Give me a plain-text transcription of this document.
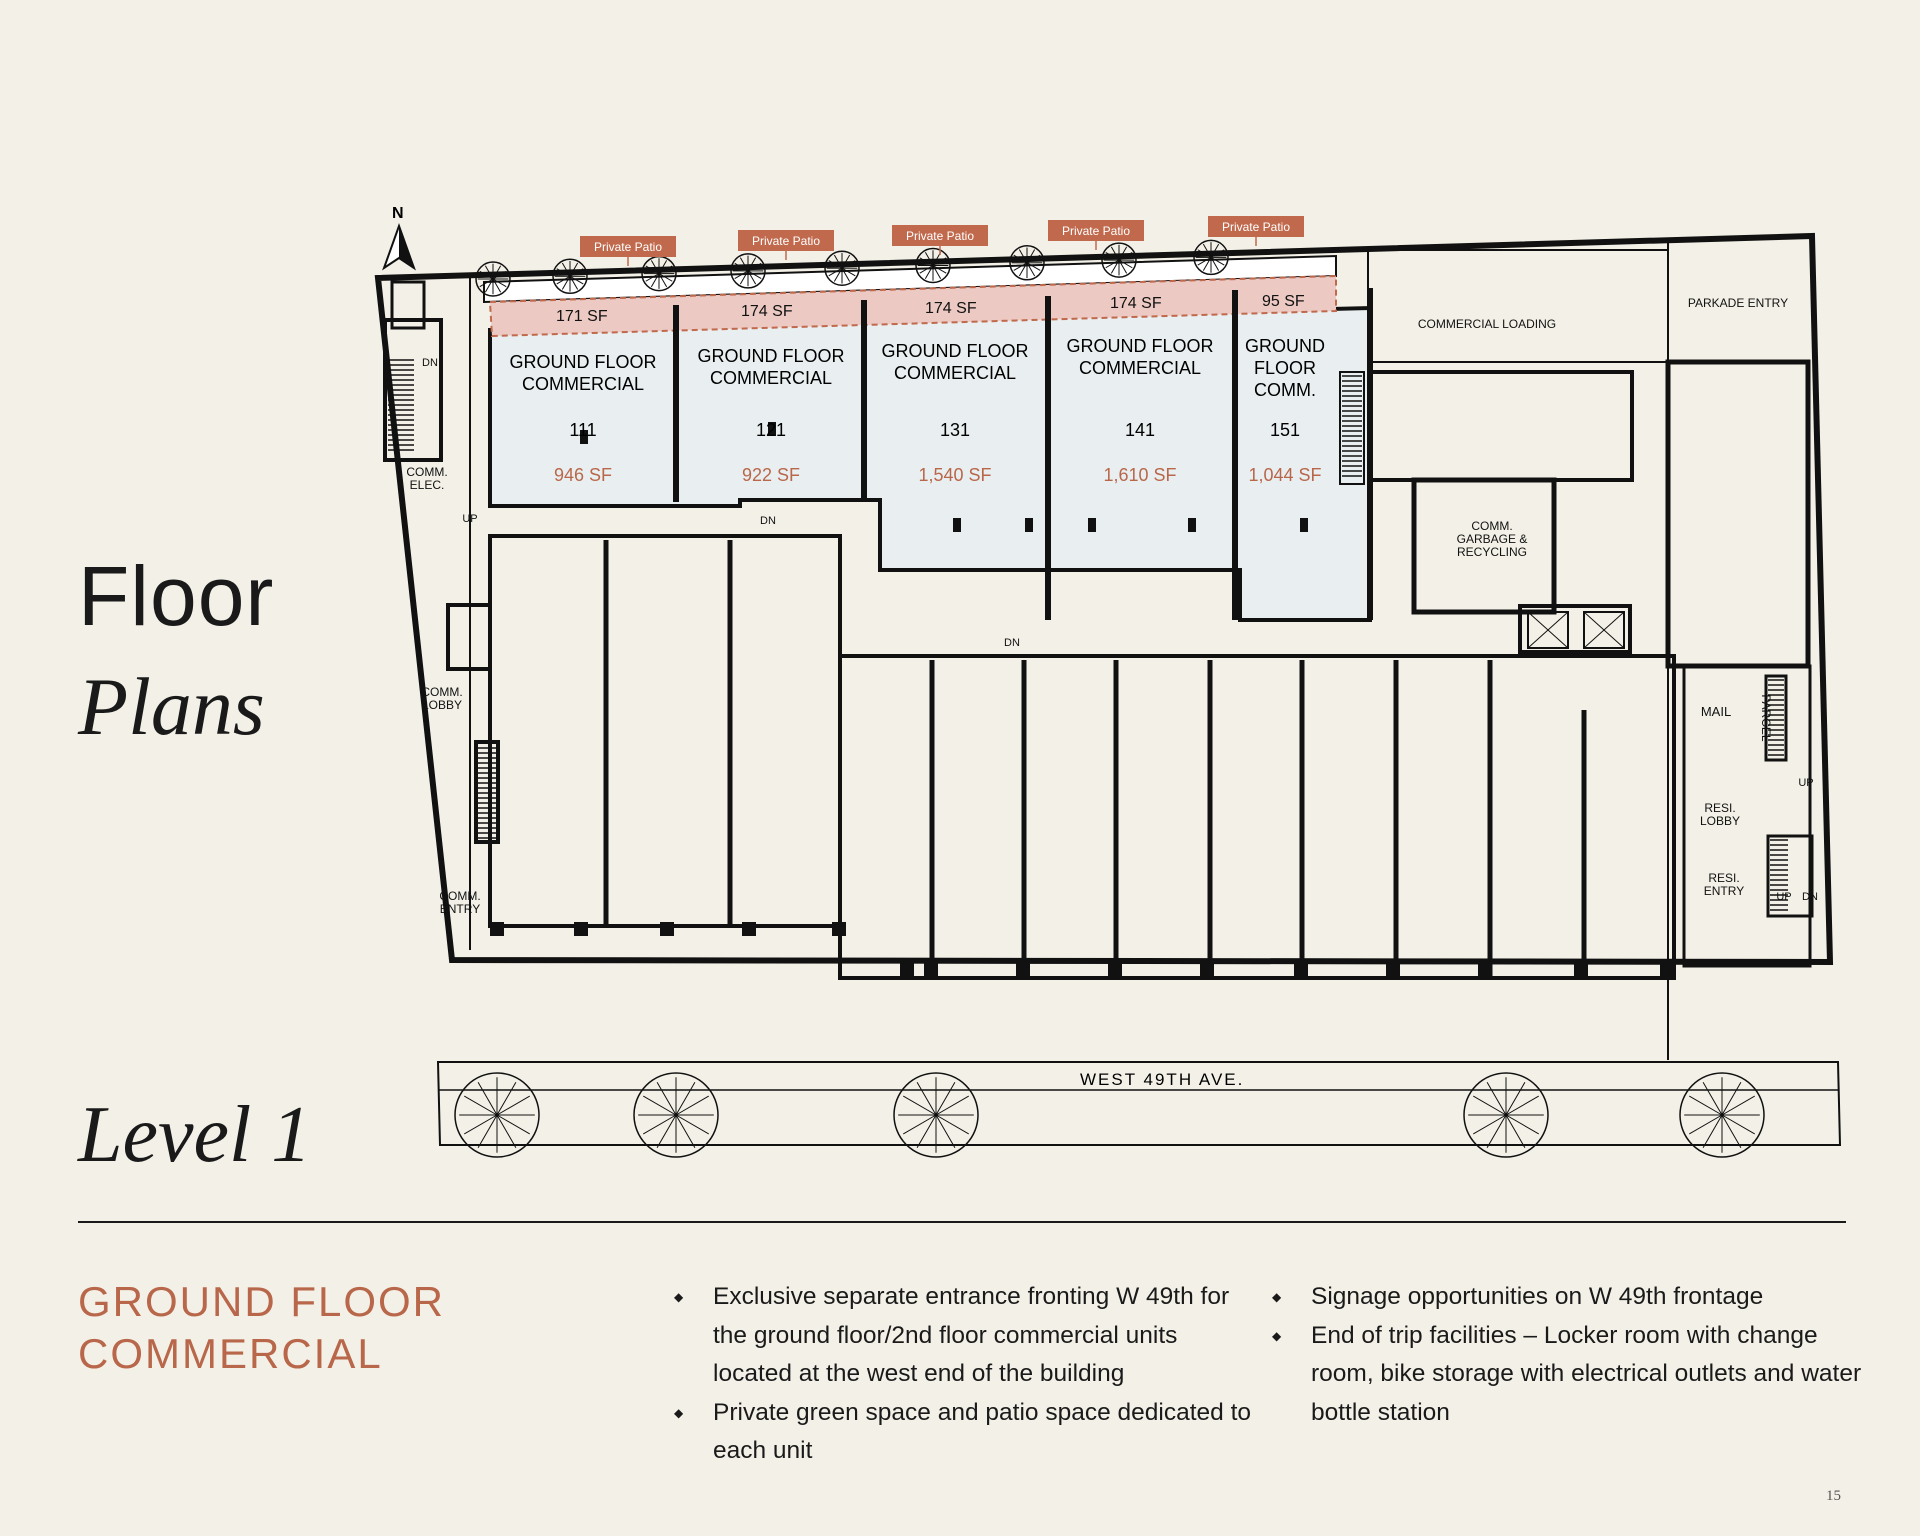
Floor
Plans
Level 1
N
WEST 49TH AVE.
Private Patio	Private Patio	Private Patio	Private Patio	Private Patio
171 SF	174 SF	174 SF	174 SF	95 SF
GROUND FLOOR
COMMERCIAL
111
946 SF
GROUND FLOOR
COMMERCIAL
121
922 SF
GROUND FLOOR
COMMERCIAL
131
1,540 SF
GROUND FLOOR
COMMERCIAL
141
1,610 SF
GROUND
FLOOR
COMM.
151
1,044 SF
COMMERCIAL LOADING
PARKADE ENTRY
COMM.
GARBAGE &
RECYCLING
COMM.
ELEC.
COMM.
LOBBY
COMM.
ENTRY
MAIL PARCEL
RESI.
LOBBY
RESI.
ENTRY
DN
UP	DN
DN
UP
UP DN
GROUND FLOOR
COMMERCIAL
◆ Exclusive separate entrance fronting W 49th for the ground floor/2nd floor commercial units located at the west end of the building
◆ Private green space and patio space dedicated to each unit
◆ Signage opportunities on W 49th frontage
◆ End of trip facilities – Locker room with change room, bike storage with electrical outlets and water bottle station
15
